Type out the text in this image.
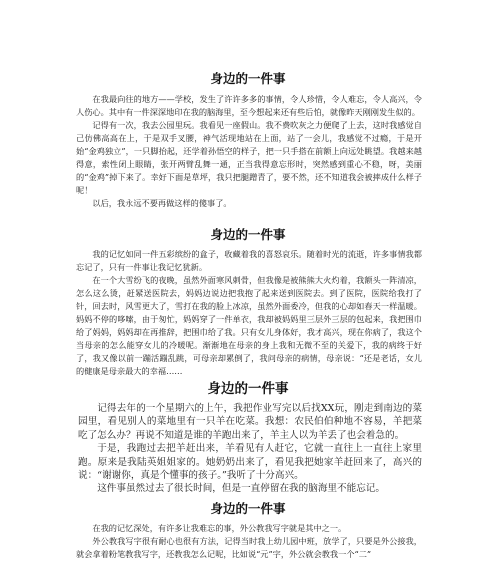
身边的一件事

在我最向往的地方——学校，发生了许许多多的事情，令人珍惜，令人难忘，令人高兴，令人伤心。其中有一件深深地印在我的脑海里，至今想起来还有些后怕，就像昨天刚刚发生似的。

记得有一次，我去公园里玩。我看见一座假山。我不费吹灰之力便爬了上去，这时我感觉自己仿佛高高在上，于是双手叉腰，神气活现地站在上面，站了一会儿，我感觉不过瘾，于是开始“金鸡独立”，一只脚抬起，还学着孙悟空的样子，把一只手搭在前额上向远处眺望。我越来越得意，索性闭上眼睛，张开两臂乱舞一通，正当我得意忘形时，突然感到重心不稳，呀，美丽的“金鸡”掉下来了。幸好下面是草坪，我只把腿蹭青了，要不然，还不知道我会被摔成什么样子呢！

以后，我永远不要再做这样的傻事了。

身边的一件事

我的记忆如同一件五彩缤纷的盒子，收藏着我的喜怒哀乐。随着时光的流逝，许多事情我都忘记了，只有一件事让我记忆犹新。

在一个大雪纷飞的夜晚，虽然外面寒风刺骨，但我像是被熊熊大火灼着，我额头一阵清凉，怎么这么烫，赶紧送医院去，妈妈边说边把我抱了起来送到医院去。到了医院，医院给我打了针，回去时，风雪更大了，雪打在我的脸上冰凉，虽然外面委冷，但我的心却如春天一样温暖。妈妈不停的哆嗦，由于匆忙，妈妈穿了一件单衣，我却被妈妈里三层外三层的包起来，我把围巾给了妈妈，妈妈却在再推辞，把围巾给了我。只有女儿身体好，我才高兴，现在你病了，我这个当母亲的怎么能穿女儿的冷暖呢。渐渐地在母亲的身上我和无微不至的关爱下，我的病终于好了，我又像以前一蹦活蹦乱跳，可母亲却累倒了，我问母亲的病情，母亲说：“还是老话，女儿的健康是母亲最大的幸福……

身边的一件事

记得去年的一个星期六的上午，我把作业写完以后找XX玩，刚走到南边的菜园里，看见别人的菜地里有一只羊在吃菜。我想：农民伯伯种地不容易，羊把菜吃了怎么办？再说不知道是谁的羊跑出来了，羊主人以为羊丢了也会着急的。

于是，我跑过去把羊赶出来，羊看见有人赶它，它就一直往上一直往上家里跑。原来是我陆英姐姐家的。她奶奶出来了，看见我把她家羊赶回来了，高兴的说：“谢谢你，真是个懂事的孩子。”我听了十分高兴。

这件事虽然过去了很长时间，但是一直停留在我的脑海里不能忘记。

身边的一件事

在我的记忆深处，有许多让我难忘的事，外公教我写字就是其中之一。

外公教我写字很有耐心也很有方法，记得当时我上幼儿园中班，放学了，只要是外公接我，就会拿着粉笔教我写字，还教我怎么记呢，比如说“元”字，外公就会教我一个“二”
